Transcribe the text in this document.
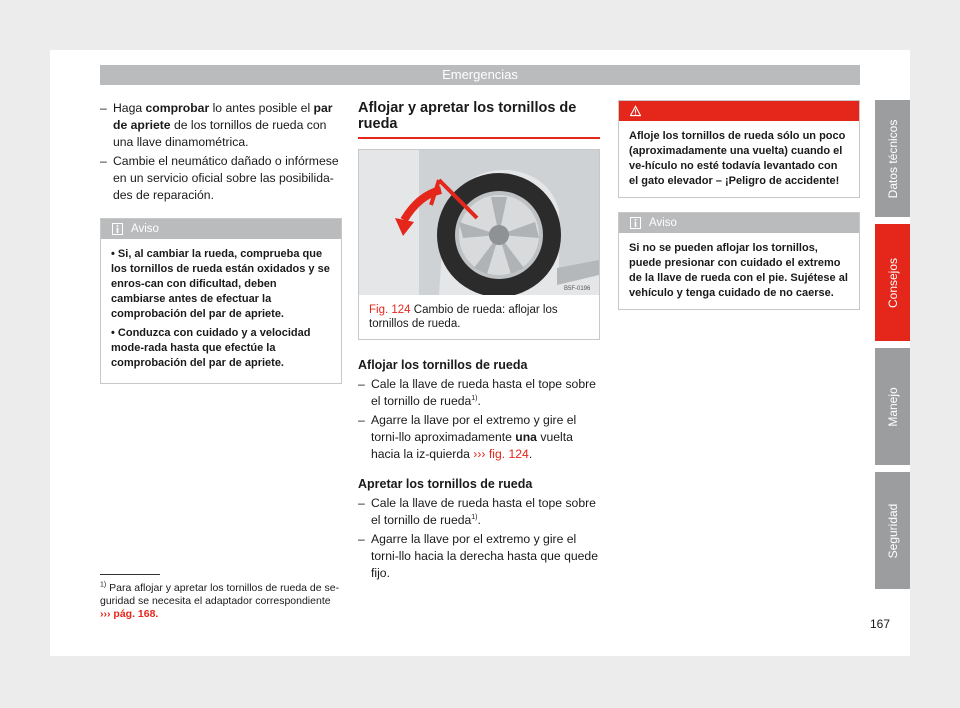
Emergencias
– Haga comprobar lo antes posible el par de apriete de los tornillos de rueda con una llave dinamométrica.
– Cambie el neumático dañado o infórmese en un servicio oficial sobre las posibilida-des de reparación.
Aviso

• Si, al cambiar la rueda, comprueba que los tornillos de rueda están oxidados y se enros-can con dificultad, deben cambiarse antes de efectuar la comprobación del par de apriete.

• Conduzca con cuidado y a velocidad mode-rada hasta que efectúe la comprobación del par de apriete.

Aflojar y apretar los tornillos de rueda
B5F-0196
Fig. 124 Cambio de rueda: aflojar los tornillos de rueda.
Aflojar los tornillos de rueda
– Cale la llave de rueda hasta el tope sobre el tornillo de rueda$^{1)}$.
– Agarre la llave por el extremo y gire el torni-llo aproximadamente una vuelta hacia la iz-quierda ››› fig. 124.
Apretar los tornillos de rueda
– Cale la llave de rueda hasta el tope sobre el tornillo de rueda$^{1)}$.
– Agarre la llave por el extremo y gire el torni-llo hacia la derecha hasta que quede fijo.
ATENCIÓN
Afloje los tornillos de rueda sólo un poco (aproximadamente una vuelta) cuando el ve-hículo no esté todavía levantado con el gato elevador – ¡Peligro de accidente!
Aviso
Si no se pueden aflojar los tornillos, puede presionar con cuidado el extremo de la llave de rueda con el pie. Sujétese al vehículo y tenga cuidado de no caerse.
$^{1)}$ Para aflojar y apretar los tornillos de rueda de se-guridad se necesita el adaptador correspondiente
››› pág. 168.
Datos técnicos
Consejos
Manejo
Seguridad
167
